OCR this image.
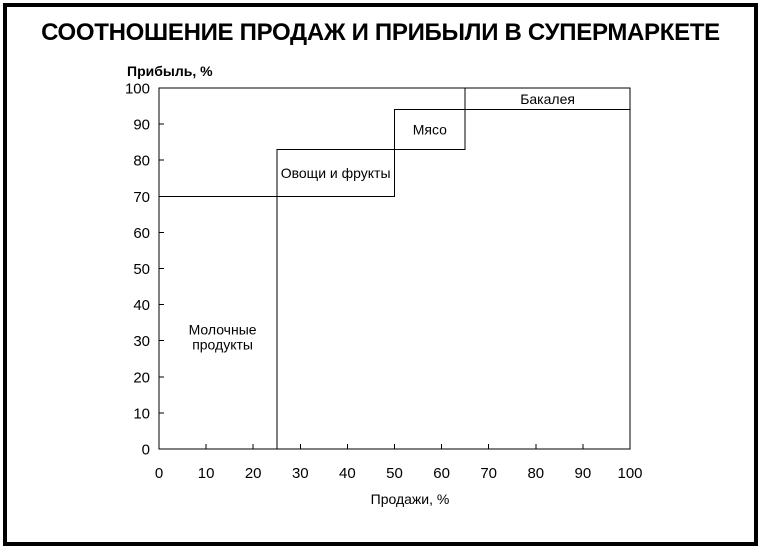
СООТНОШЕНИЕ ПРОДАЖ И ПРИБЫЛИ В СУПЕРМАРКЕТЕ
Молочные продукты
Овощи и фрукты
Мясо
Бакалея
0 10 20 30 40 50 60 70 80 90 100
0
10
20
30
40
50
60
70
80
90
100
Прибыль, %
Продажи, %
